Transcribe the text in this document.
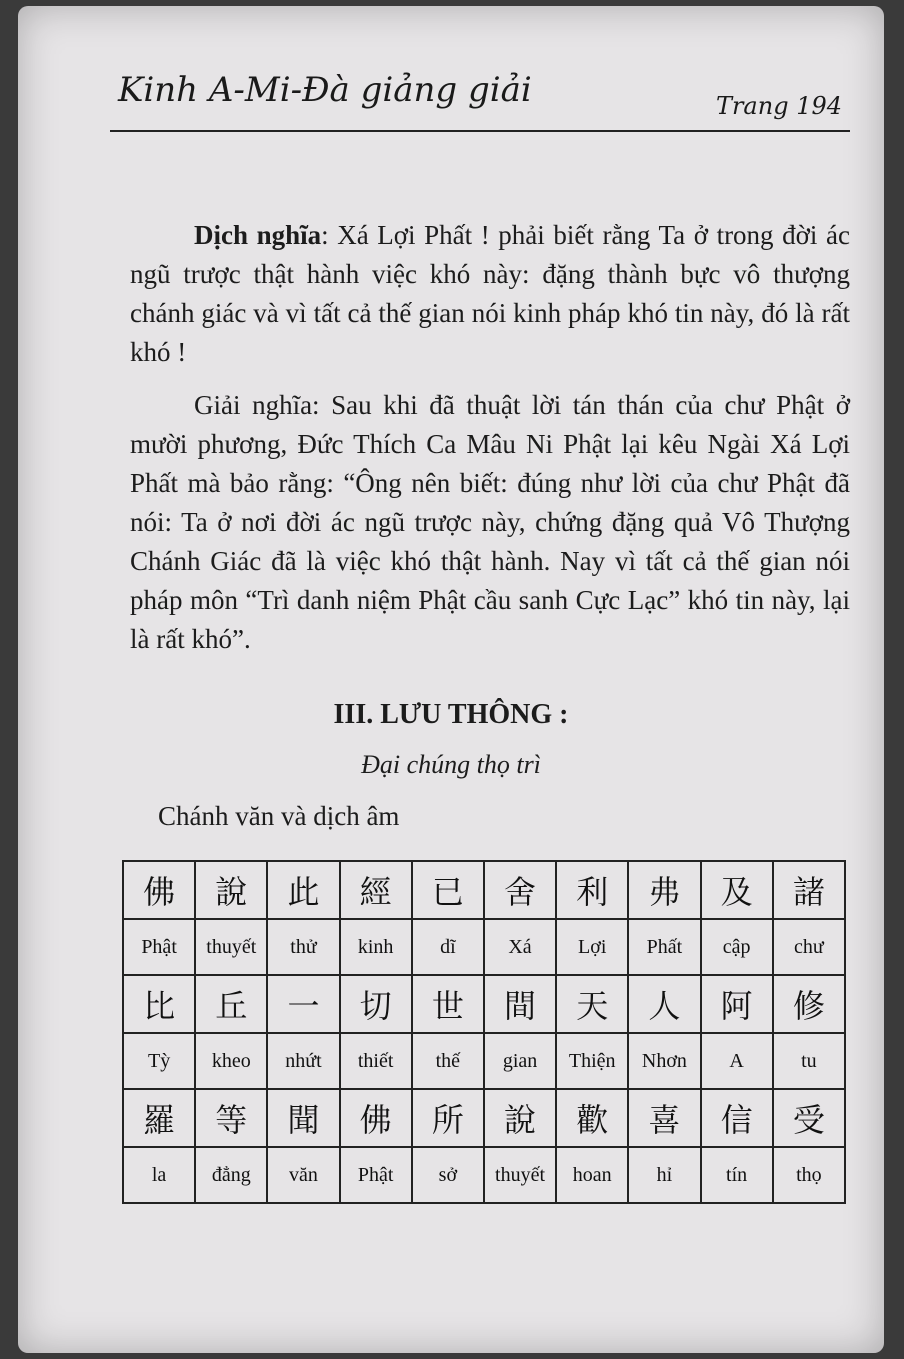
Kinh A-Mi-Đà giảng giải	Trang 194
Dịch nghĩa: Xá Lợi Phất ! phải biết rằng Ta ở trong đời ác ngũ trược thật hành việc khó này: đặng thành bực vô thượng chánh giác và vì tất cả thế gian nói kinh pháp khó tin này, đó là rất khó !
Giải nghĩa: Sau khi đã thuật lời tán thán của chư Phật ở mười phương, Đức Thích Ca Mâu Ni Phật lại kêu Ngài Xá Lợi Phất mà bảo rằng: “Ông nên biết: đúng như lời của chư Phật đã nói: Ta ở nơi đời ác ngũ trược này, chứng đặng quả Vô Thượng Chánh Giác đã là việc khó thật hành. Nay vì tất cả thế gian nói pháp môn “Trì danh niệm Phật cầu sanh Cực Lạc” khó tin này, lại là rất khó”.
III. LƯU THÔNG :
Đại chúng thọ trì
Chánh văn và dịch âm
佛	說	此	經	已	舍	利	弗	及	諸
Phật	thuyết	thử	kinh	dĩ	Xá	Lợi	Phất	cập	chư
比	丘	一	切	世	間	天	人	阿	修
Tỳ	kheo	nhứt	thiết	thế	gian	Thiện	Nhơn	A	tu
羅	等	聞	佛	所	說	歡	喜	信	受
la	đẳng	văn	Phật	sở	thuyết	hoan	hỉ	tín	thọ
